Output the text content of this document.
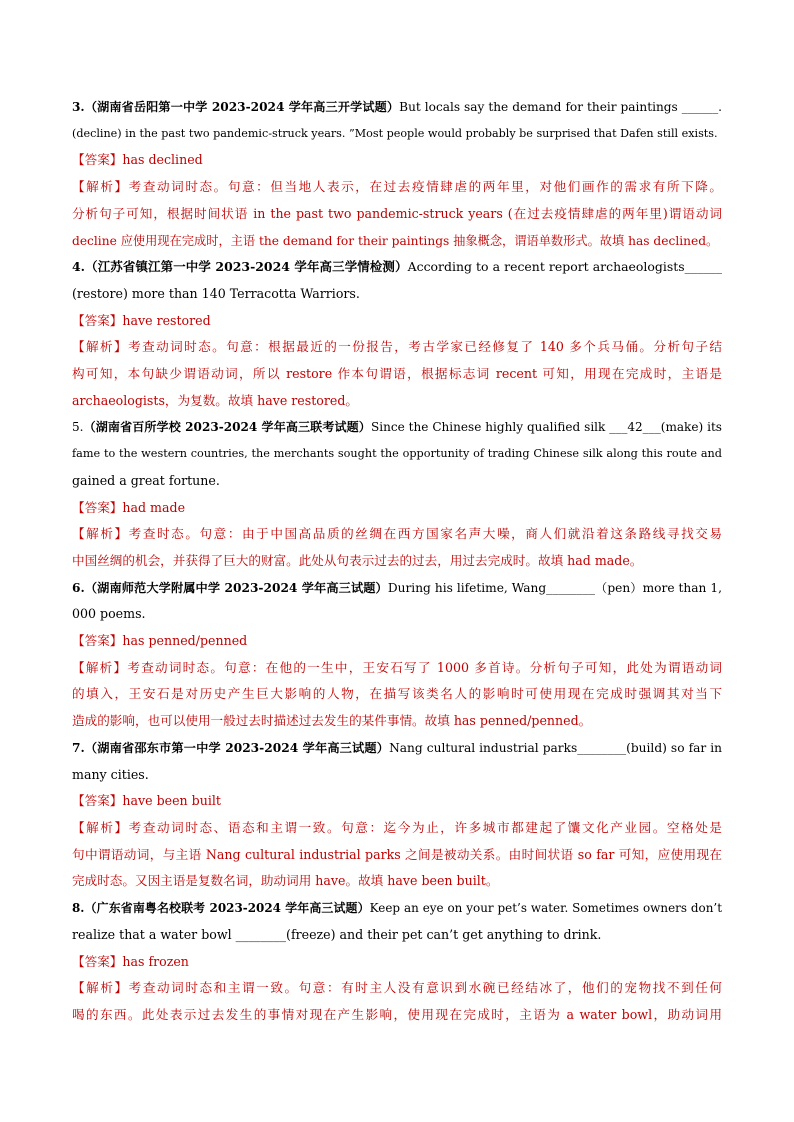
3.（湖南省岳阳第一中学 2023-2024 学年高三开学试题）But locals say the demand for their paintings ______.
(decline) in the past two pandemic-struck years. ”Most people would probably be surprised that Dafen still exists.
【答案】has declined
【解析】考查动词时态。句意：但当地人表示，在过去疫情肆虐的两年里，对他们画作的需求有所下降。
分析句子可知，根据时间状语 in the past two pandemic-struck years (在过去疫情肆虐的两年里)谓语动词
decline 应使用现在完成时，主语 the demand for their paintings 抽象概念，谓语单数形式。故填 has declined。
4.（江苏省镇江第一中学 2023-2024 学年高三学情检测）According to a recent report archaeologists______
(restore) more than 140 Terracotta Warriors.
【答案】have restored
【解析】考查动词时态。句意：根据最近的一份报告，考古学家已经修复了 140 多个兵马俑。分析句子结
构可知，本句缺少谓语动词，所以 restore 作本句谓语，根据标志词 recent 可知，用现在完成时，主语是
archaeologists，为复数。故填 have restored。
5.（湖南省百所学校 2023-2024 学年高三联考试题）Since the Chinese highly qualified silk ___42___(make) its
fame to the western countries, the merchants sought the opportunity of trading Chinese silk along this route and
gained a great fortune.
【答案】had made
【解析】考查时态。句意：由于中国高品质的丝绸在西方国家名声大噪，商人们就沿着这条路线寻找交易
中国丝绸的机会，并获得了巨大的财富。此处从句表示过去的过去，用过去完成时。故填 had made。
6.（湖南师范大学附属中学 2023-2024 学年高三试题）During his lifetime, Wang________（pen）more than 1,
000 poems.
【答案】has penned/penned
【解析】考查动词时态。句意：在他的一生中，王安石写了 1000 多首诗。分析句子可知，此处为谓语动词
的填入，王安石是对历史产生巨大影响的人物，在描写该类名人的影响时可使用现在完成时强调其对当下
造成的影响，也可以使用一般过去时描述过去发生的某件事情。故填 has penned/penned。
7.（湖南省邵东市第一中学 2023-2024 学年高三试题）Nang cultural industrial parks________(build) so far in
many cities.
【答案】have been built
【解析】考查动词时态、语态和主谓一致。句意：迄今为止，许多城市都建起了馕文化产业园。空格处是
句中谓语动词，与主语 Nang cultural industrial parks 之间是被动关系。由时间状语 so far 可知，应使用现在
完成时态。又因主语是复数名词，助动词用 have。故填 have been built。
8.（广东省南粤名校联考 2023-2024 学年高三试题）Keep an eye on your pet’s water. Sometimes owners don’t
realize that a water bowl ________(freeze) and their pet can’t get anything to drink.
【答案】has frozen
【解析】考查动词时态和主谓一致。句意：有时主人没有意识到水碗已经结冰了，他们的宠物找不到任何
喝的东西。此处表示过去发生的事情对现在产生影响，使用现在完成时，主语为 a water bowl，助动词用
